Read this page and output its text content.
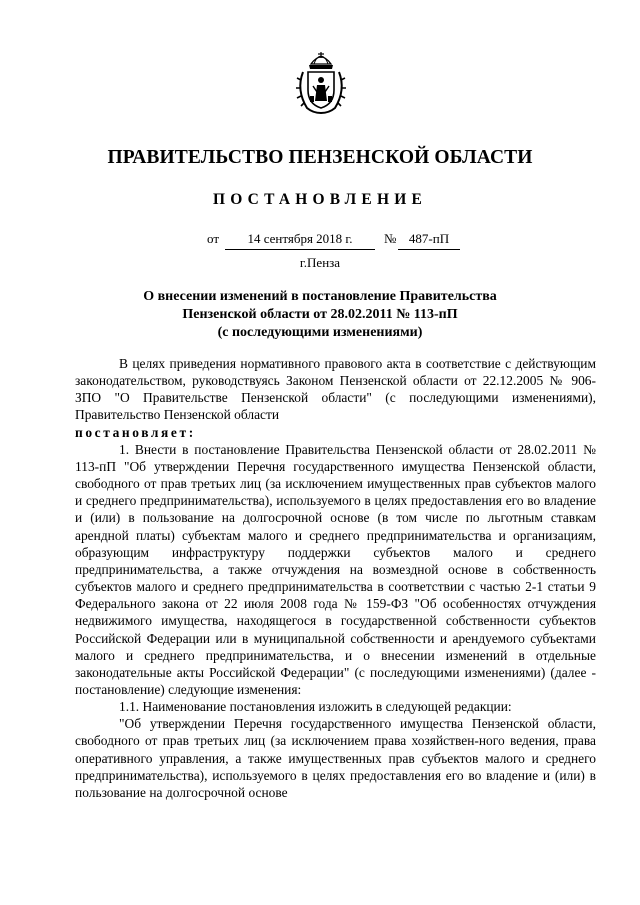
ПРАВИТЕЛЬСТВО ПЕНЗЕНСКОЙ ОБЛАСТИ
ПОСТАНОВЛЕНИЕ
от	14 сентября 2018 г.	№ 487-пП
г.Пенза
О внесении изменений в постановление Правительства
Пензенской области от 28.02.2011 № 113-пП
(с последующими изменениями)

В целях приведения нормативного правового акта в соответствие с действующим законодательством, руководствуясь Законом Пензенской области от 22.12.2005 № 906-ЗПО "О Правительстве Пензенской области" (с последующими изменениями), Правительство Пензенской области

постановляет:

1. Внести в постановление Правительства Пензенской области от 28.02.2011 № 113-пП "Об утверждении Перечня государственного имущества Пензенской области, свободного от прав третьих лиц (за исключением имущественных прав субъектов малого и среднего предпринимательства), используемого в целях предоставления его во владение и (или) в пользование на долгосрочной основе (в том числе по льготным ставкам арендной платы) субъектам малого и среднего предпринимательства и организациям, образующим инфраструктуру поддержки субъектов малого и среднего предпринимательства, а также отчуждения на возмездной основе в собственность субъектов малого и среднего предпринимательства в соответствии с частью 2-1 статьи 9 Федерального закона от 22 июля 2008 года № 159-ФЗ "Об особенностях отчуждения недвижимого имущества, находящегося в государственной собственности субъектов Российской Федерации или в муниципальной собственности и арендуемого субъектами малого и среднего предпринимательства, и о внесении изменений в отдельные законодательные акты Российской Федерации" (с последующими изменениями) (далее - постановление) следующие изменения:

1.1. Наименование постановления изложить в следующей редакции:

"Об утверждении Перечня государственного имущества Пензенской области, свободного от прав третьих лиц (за исключением права хозяйствен-ного ведения, права оперативного управления, а также имущественных прав субъектов малого и среднего предпринимательства), используемого в целях предоставления его во владение и (или) в пользование на долгосрочной основе
